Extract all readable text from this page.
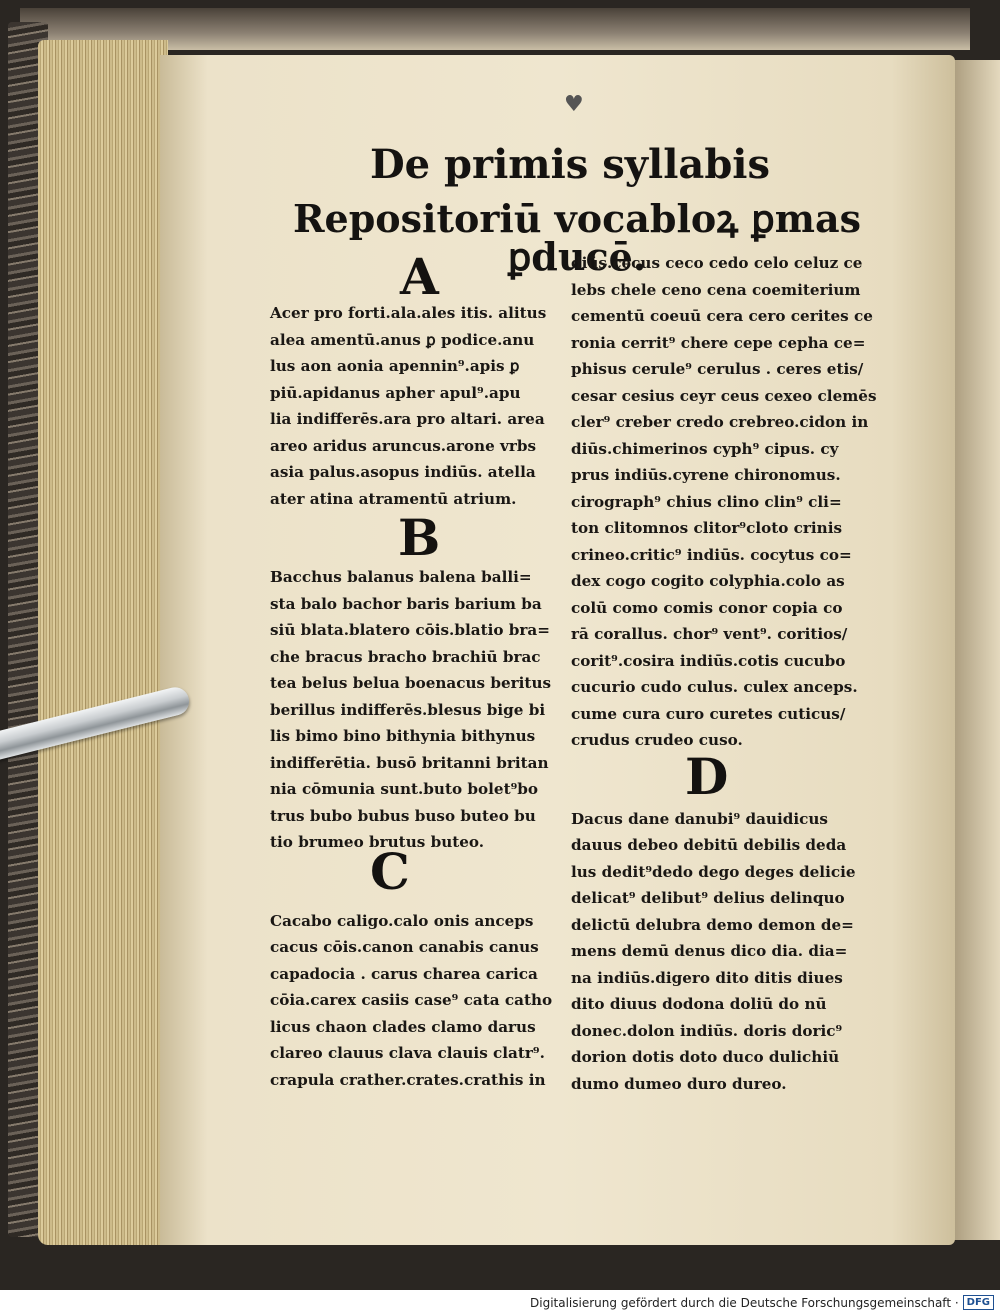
♥
De primis syllabis
Repositoriū vocabloꝝ ꝑmas ꝑducē.
A
B
C
D
Acer pro forti.ala.ales itis. alitus
alea amentū.anus ꝑ podice.anu
lus aon aonia apennin⁹.apis ꝑ
piū.apidanus apher apul⁹.apu
lia indifferēs.ara pro altari. area
areo aridus aruncus.arone vrbs
asia palus.asopus indiūs. atella
ater atina atramentū atrium.
Bacchus balanus balena balli=
sta balo bachor baris barium ba
siū blata.blatero cōis.blatio bra=
che bracus bracho brachiū brac
tea belus belua boenacus beritus
berillus indifferēs.blesus bige bi
lis bimo bino bithynia bithynus
indifferētia. busō britanni britan
nia cōmunia sunt.buto bolet⁹bo
trus bubo bubus buso buteo bu
tio brumeo brutus buteo.
Cacabo caligo.calo onis anceps
cacus cōis.canon canabis canus
capadocia . carus charea carica
cōia.carex casiis case⁹ cata catho
licus chaon clades clamo darus
clareo clauus clava clauis clatr⁹.
crapula crather.crates.crathis in
diūs.cecus ceco cedo celo celuz ce
lebs chele ceno cena coemiterium
cementū coeuū cera cero cerites ce
ronia cerrit⁹ chere cepe cepha ce=
phisus cerule⁹ cerulus . ceres etis/
cesar cesius ceyr ceus cexeo clemēs
cler⁹ creber credo crebreo.cidon in
diūs.chimerinos cyph⁹ cipus. cy
prus indiūs.cyrene chironomus.
cirograph⁹ chius clino clin⁹ cli=
ton clitomnos clitor⁹cloto crinis
crineo.critic⁹ indiūs. cocytus co=
dex cogo cogito colyphia.colo as
colū como comis conor copia co
rā corallus. chor⁹ vent⁹. coritios/
corit⁹.cosira indiūs.cotis cucubo
cucurio cudo culus. culex anceps.
cume cura curo curetes cuticus/
crudus crudeo cuso.
Dacus dane danubi⁹ dauidicus
dauus debeo debitū debilis deda
lus dedit⁹dedo dego deges delicie
delicat⁹ delibut⁹ delius delinquo
delictū delubra demo demon de=
mens demū denus dico dia. dia=
na indiūs.digero dito ditis diues
dito diuus dodona doliū do nū
donec.dolon indiūs. doris doric⁹
dorion dotis doto duco dulichiū
dumo dumeo duro dureo.
Digitalisierung gefördert durch die Deutsche Forschungsgemeinschaft · DFG
